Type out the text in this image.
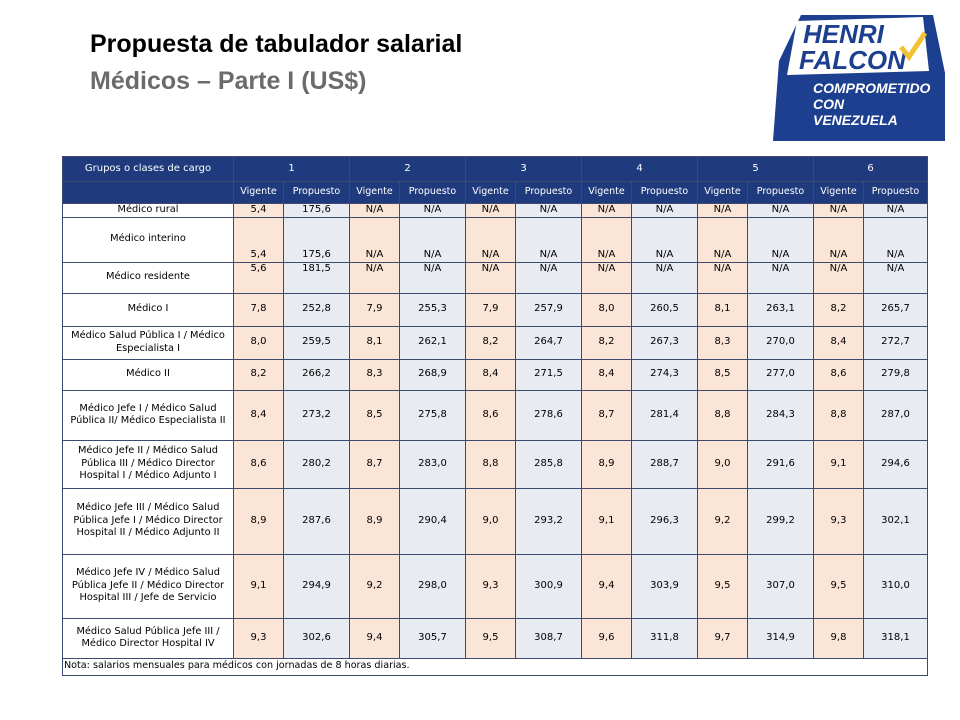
Propuesta de tabulador salarial
Médicos – Parte I (US$)
HENRI
FALCON
COMPROMETIDO
CON
VENEZUELA
Grupos o clases de cargo	1		2		3		4		5		6	
	Vigente	Propuesto	Vigente	Propuesto	Vigente	Propuesto	Vigente	Propuesto	Vigente	Propuesto	Vigente	Propuesto
Médico rural	5,4	175,6	N/A	N/A	N/A	N/A	N/A	N/A	N/A	N/A	N/A	N/A
Médico interino	5,4	175,6	N/A	N/A	N/A	N/A	N/A	N/A	N/A	N/A	N/A	N/A
Médico residente	5,6	181,5	N/A	N/A	N/A	N/A	N/A	N/A	N/A	N/A	N/A	N/A
Médico I	7,8	252,8	7,9	255,3	7,9	257,9	8,0	260,5	8,1	263,1	8,2	265,7
Médico Salud Pública I / Médico Especialista I	8,0	259,5	8,1	262,1	8,2	264,7	8,2	267,3	8,3	270,0	8,4	272,7
Médico II	8,2	266,2	8,3	268,9	8,4	271,5	8,4	274,3	8,5	277,0	8,6	279,8
Médico Jefe I / Médico Salud Pública II/ Médico Especialista II	8,4	273,2	8,5	275,8	8,6	278,6	8,7	281,4	8,8	284,3	8,8	287,0
Médico Jefe II / Médico Salud Pública III / Médico Director Hospital I / Médico Adjunto I	8,6	280,2	8,7	283,0	8,8	285,8	8,9	288,7	9,0	291,6	9,1	294,6
Médico Jefe III / Médico Salud Pública Jefe I / Médico Director Hospital II / Médico Adjunto II	8,9	287,6	8,9	290,4	9,0	293,2	9,1	296,3	9,2	299,2	9,3	302,1
Médico Jefe IV / Médico Salud Pública Jefe II / Médico Director Hospital III / Jefe de Servicio	9,1	294,9	9,2	298,0	9,3	300,9	9,4	303,9	9,5	307,0	9,5	310,0
Médico Salud Pública Jefe III / Médico Director Hospital IV	9,3	302,6	9,4	305,7	9,5	308,7	9,6	311,8	9,7	314,9	9,8	318,1
Nota: salarios mensuales para médicos con jornadas de 8 horas diarias.												
